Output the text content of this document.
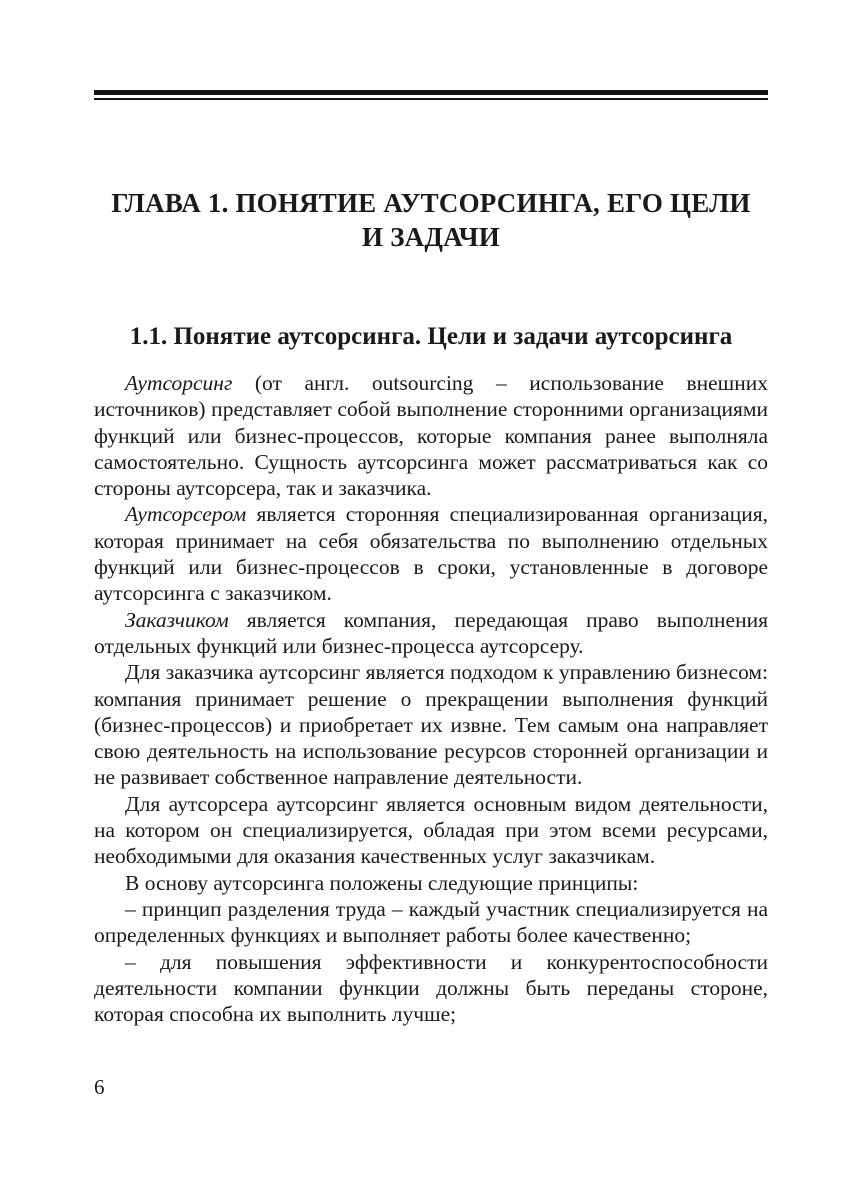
ГЛАВА 1. ПОНЯТИЕ АУТСОРСИНГА, ЕГО ЦЕЛИ
И ЗАДАЧИ
1.1. Понятие аутсорсинга. Цели и задачи аутсорсинга

Аутсорсинг (от англ. outsourcing – использование внешних источников) представляет собой выполнение сторонними организациями функций или бизнес-процессов, которые компания ранее выполняла самостоятельно. Сущность аутсорсинга может рассматриваться как со стороны аутсорсера, так и заказчика.

Аутсорсером является сторонняя специализированная организация, которая принимает на себя обязательства по выполнению отдельных функций или бизнес-процессов в сроки, установленные в договоре аутсорсинга с заказчиком.

Заказчиком является компания, передающая право выполнения отдельных функций или бизнес-процесса аутсорсеру.

Для заказчика аутсорсинг является подходом к управлению бизнесом: компания принимает решение о прекращении выполнения функций (бизнес-процессов) и приобретает их извне. Тем самым она направляет свою деятельность на использование ресурсов сторонней организации и не развивает собственное направление деятельности.

Для аутсорсера аутсорсинг является основным видом деятельности, на котором он специализируется, обладая при этом всеми ресурсами, необходимыми для оказания качественных услуг заказчикам.

В основу аутсорсинга положены следующие принципы:

– принцип разделения труда – каждый участник специализируется на определенных функциях и выполняет работы более качественно;

– для повышения эффективности и конкурентоспособности деятельности компании функции должны быть переданы стороне, которая способна их выполнить лучше;

6
